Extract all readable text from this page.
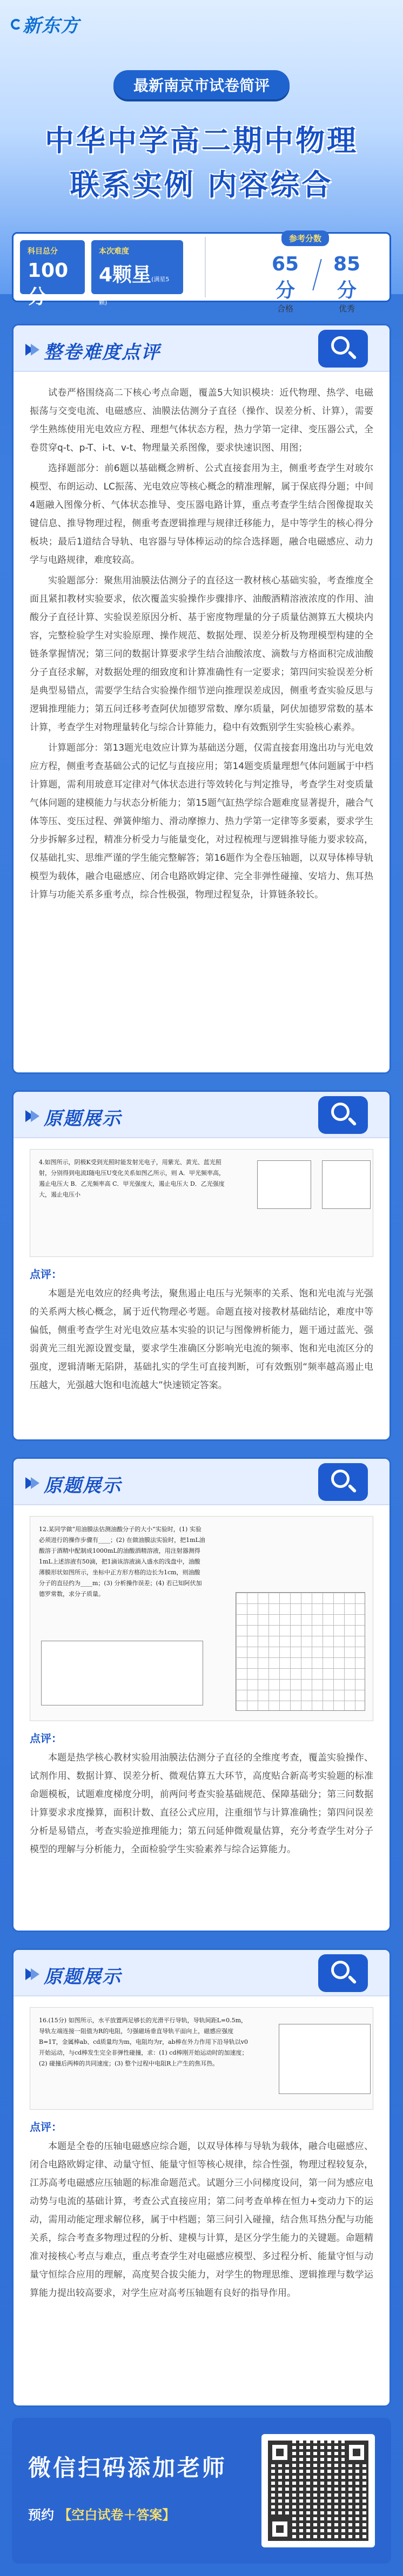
新东方
最新南京市试卷简评
中华中学高二期中物理
联系实例 内容综合
科目总分
100分
本次难度
4颗星(满星5颗)
参考分数
65分
合格
85分
优秀
整卷难度点评

试卷严格围绕高二下核心考点命题，覆盖5大知识模块：近代物理、热学、电磁振荡与交变电流、电磁感应、油膜法估测分子直径（操作、误差分析、计算），需要学生熟练使用光电效应方程、理想气体状态方程，热力学第一定律、变压器公式，全卷贯穿q-t、p-T、i-t、v-t、物理量关系图像，要求快速识图、用图；

选择题部分：前6题以基础概念辨析、公式直接套用为主，侧重考查学生对玻尔模型、布朗运动、LC振荡、光电效应等核心概念的精准理解，属于保底得分题；中间4题融入图像分析、气体状态推导、变压器电路计算，重点考查学生结合图像提取关键信息、推导物理过程，侧重考查逻辑推理与规律迁移能力，是中等学生的核心得分板块；最后1道结合导轨、电容器与导体棒运动的综合选择题，融合电磁感应、动力学与电路规律，难度较高。

实验题部分：聚焦用油膜法估测分子的直径这一教材核心基础实验，考查维度全面且紧扣教材实验要求，依次覆盖实验操作步骤排序、油酸酒精溶液浓度的作用、油酸分子直径计算、实验误差原因分析、基于密度物理量的分子质量估测算五大模块内容，完整检验学生对实验原理、操作规范、数据处理、误差分析及物理模型构建的全链条掌握情况；第三问的数据计算要求学生结合油酸浓度、滴数与方格面积完成油酸分子直径求解，对数据处理的细致度和计算准确性有一定要求；第四问实验误差分析是典型易错点，需要学生结合实验操作细节逆向推理误差成因，侧重考查实验反思与逻辑推理能力；第五问迁移考查阿伏加德罗常数、摩尔质量，阿伏加德罗常数的基本计算，考查学生对物理量转化与综合计算能力，稳中有效甄别学生实验核心素养。

计算题部分：第13题光电效应计算为基础送分题，仅需直接套用逸出功与光电效应方程，侧重考查基础公式的记忆与直接应用；第14题变质量理想气体问题属于中档计算题，需利用玻意耳定律对气体状态进行等效转化与判定推导，考查学生对变质量气体问题的建模能力与状态分析能力；第15题气缸热学综合题难度显著提升，融合气体等压、变压过程、弹簧伸缩力、滑动摩擦力、热力学第一定律等多要素，要求学生分步拆解多过程，精准分析受力与能量变化，对过程梳理与逻辑推导能力要求较高，仅基础扎实、思维严谨的学生能完整解答；第16题作为全卷压轴题，以双导体棒导轨模型为载体，融合电磁感应、闭合电路欧姆定律、完全非弹性碰撞、安培力、焦耳热计算与功能关系多重考点，综合性极强，物理过程复杂，计算链条较长。

原题展示
4.如图所示，阴极K受到光照时能发射光电子，用紫光、黄光、蓝光照射，分别得到电流I随电压U变化关系如图乙所示，则 A．甲光频率高，遏止电压大 B．乙光频率高 C．甲光强度大，遏止电压大 D．乙光强度大，遏止电压小
点评：

本题是光电效应的经典考法，聚焦遏止电压与光频率的关系、饱和光电流与光强的关系两大核心概念，属于近代物理必考题。命题直接对接教材基础结论，难度中等偏低，侧重考查学生对光电效应基本实验的识记与图像辨析能力，题干通过蓝光、强弱黄光三组光源设置变量，要求学生准确区分影响光电流的频率、饱和光电流区分的强度，逻辑清晰无陷阱，基础扎实的学生可直接判断，可有效甄别“频率越高遏止电压越大，光强越大饱和电流越大”快速锁定答案。

原题展示
12.某同学做“用油膜法估测油酸分子的大小”实验时，(1) 实验必须进行的操作步骤有____；(2) 在做油膜法实验时，把1mL油酸溶于酒精中配制成1000mL的油酸酒精溶液，用注射器测得1mL上述溶液有50滴，把1滴该溶液滴入盛水的浅盘中，油酸薄膜形状如图所示，坐标中正方形方格的边长为1cm，则油酸分子的直径约为____m；(3) 分析操作误差；(4) 若已知阿伏加德罗常数，求分子质量。
点评：

本题是热学核心教材实验用油膜法估测分子直径的全维度考查，覆盖实验操作、试剂作用、数据计算、误差分析、微观估算五大环节，高度贴合新高考实验题的标准命题模板，试题难度梯度分明，前两问考查实验基础规范、保障基础分；第三问数据计算要求求度操算，面积计数、直径公式应用，注重细节与计算准确性；第四问误差分析是易错点，考查实验逆推理能力；第五问延伸微观量估算，充分考查学生对分子模型的理解与分析能力，全面检验学生实验素养与综合运算能力。

原题展示
16.(15分) 如图所示，水平放置两足够长的光滑平行导轨，导轨间距L=0.5m，导轨左端连接一阻值为R的电阻，匀强磁场垂直导轨平面向上，磁感应强度B=1T，金属棒ab、cd质量均为m，电阻均为r，ab棒在外力作用下沿导轨以v0开始运动，与cd棒发生完全非弹性碰撞，求：(1) cd棒刚开始运动时的加速度；(2) 碰撞后两棒的共同速度；(3) 整个过程中电阻R上产生的焦耳热。
点评：

本题是全卷的压轴电磁感应综合题，以双导体棒与导轨为载体，融合电磁感应、闭合电路欧姆定律、动量守恒、能量守恒等核心规律，综合性强，物理过程较复杂，江苏高考电磁感应压轴题的标准命题范式。试题分三小问梯度设问，第一问为感应电动势与电流的基础计算，考查公式直接应用；第二问考查单棒在恒力+变动力下的运动，需用动能定理求解位移，属于中档题；第三问引入碰撞，结合焦耳热分配与功能关系，综合考查多物理过程的分析、建模与计算，是区分学生能力的关键题。命题精准对接核心考点与难点，重点考查学生对电磁感应模型、多过程分析、能量守恒与动量守恒综合应用的理解，高度契合拔尖能力，对学生的物理思维、逻辑推理与数学运算能力提出较高要求，对学生应对高考压轴题有良好的指导作用。

微信扫码添加老师
预约 【空白试卷＋答案】
